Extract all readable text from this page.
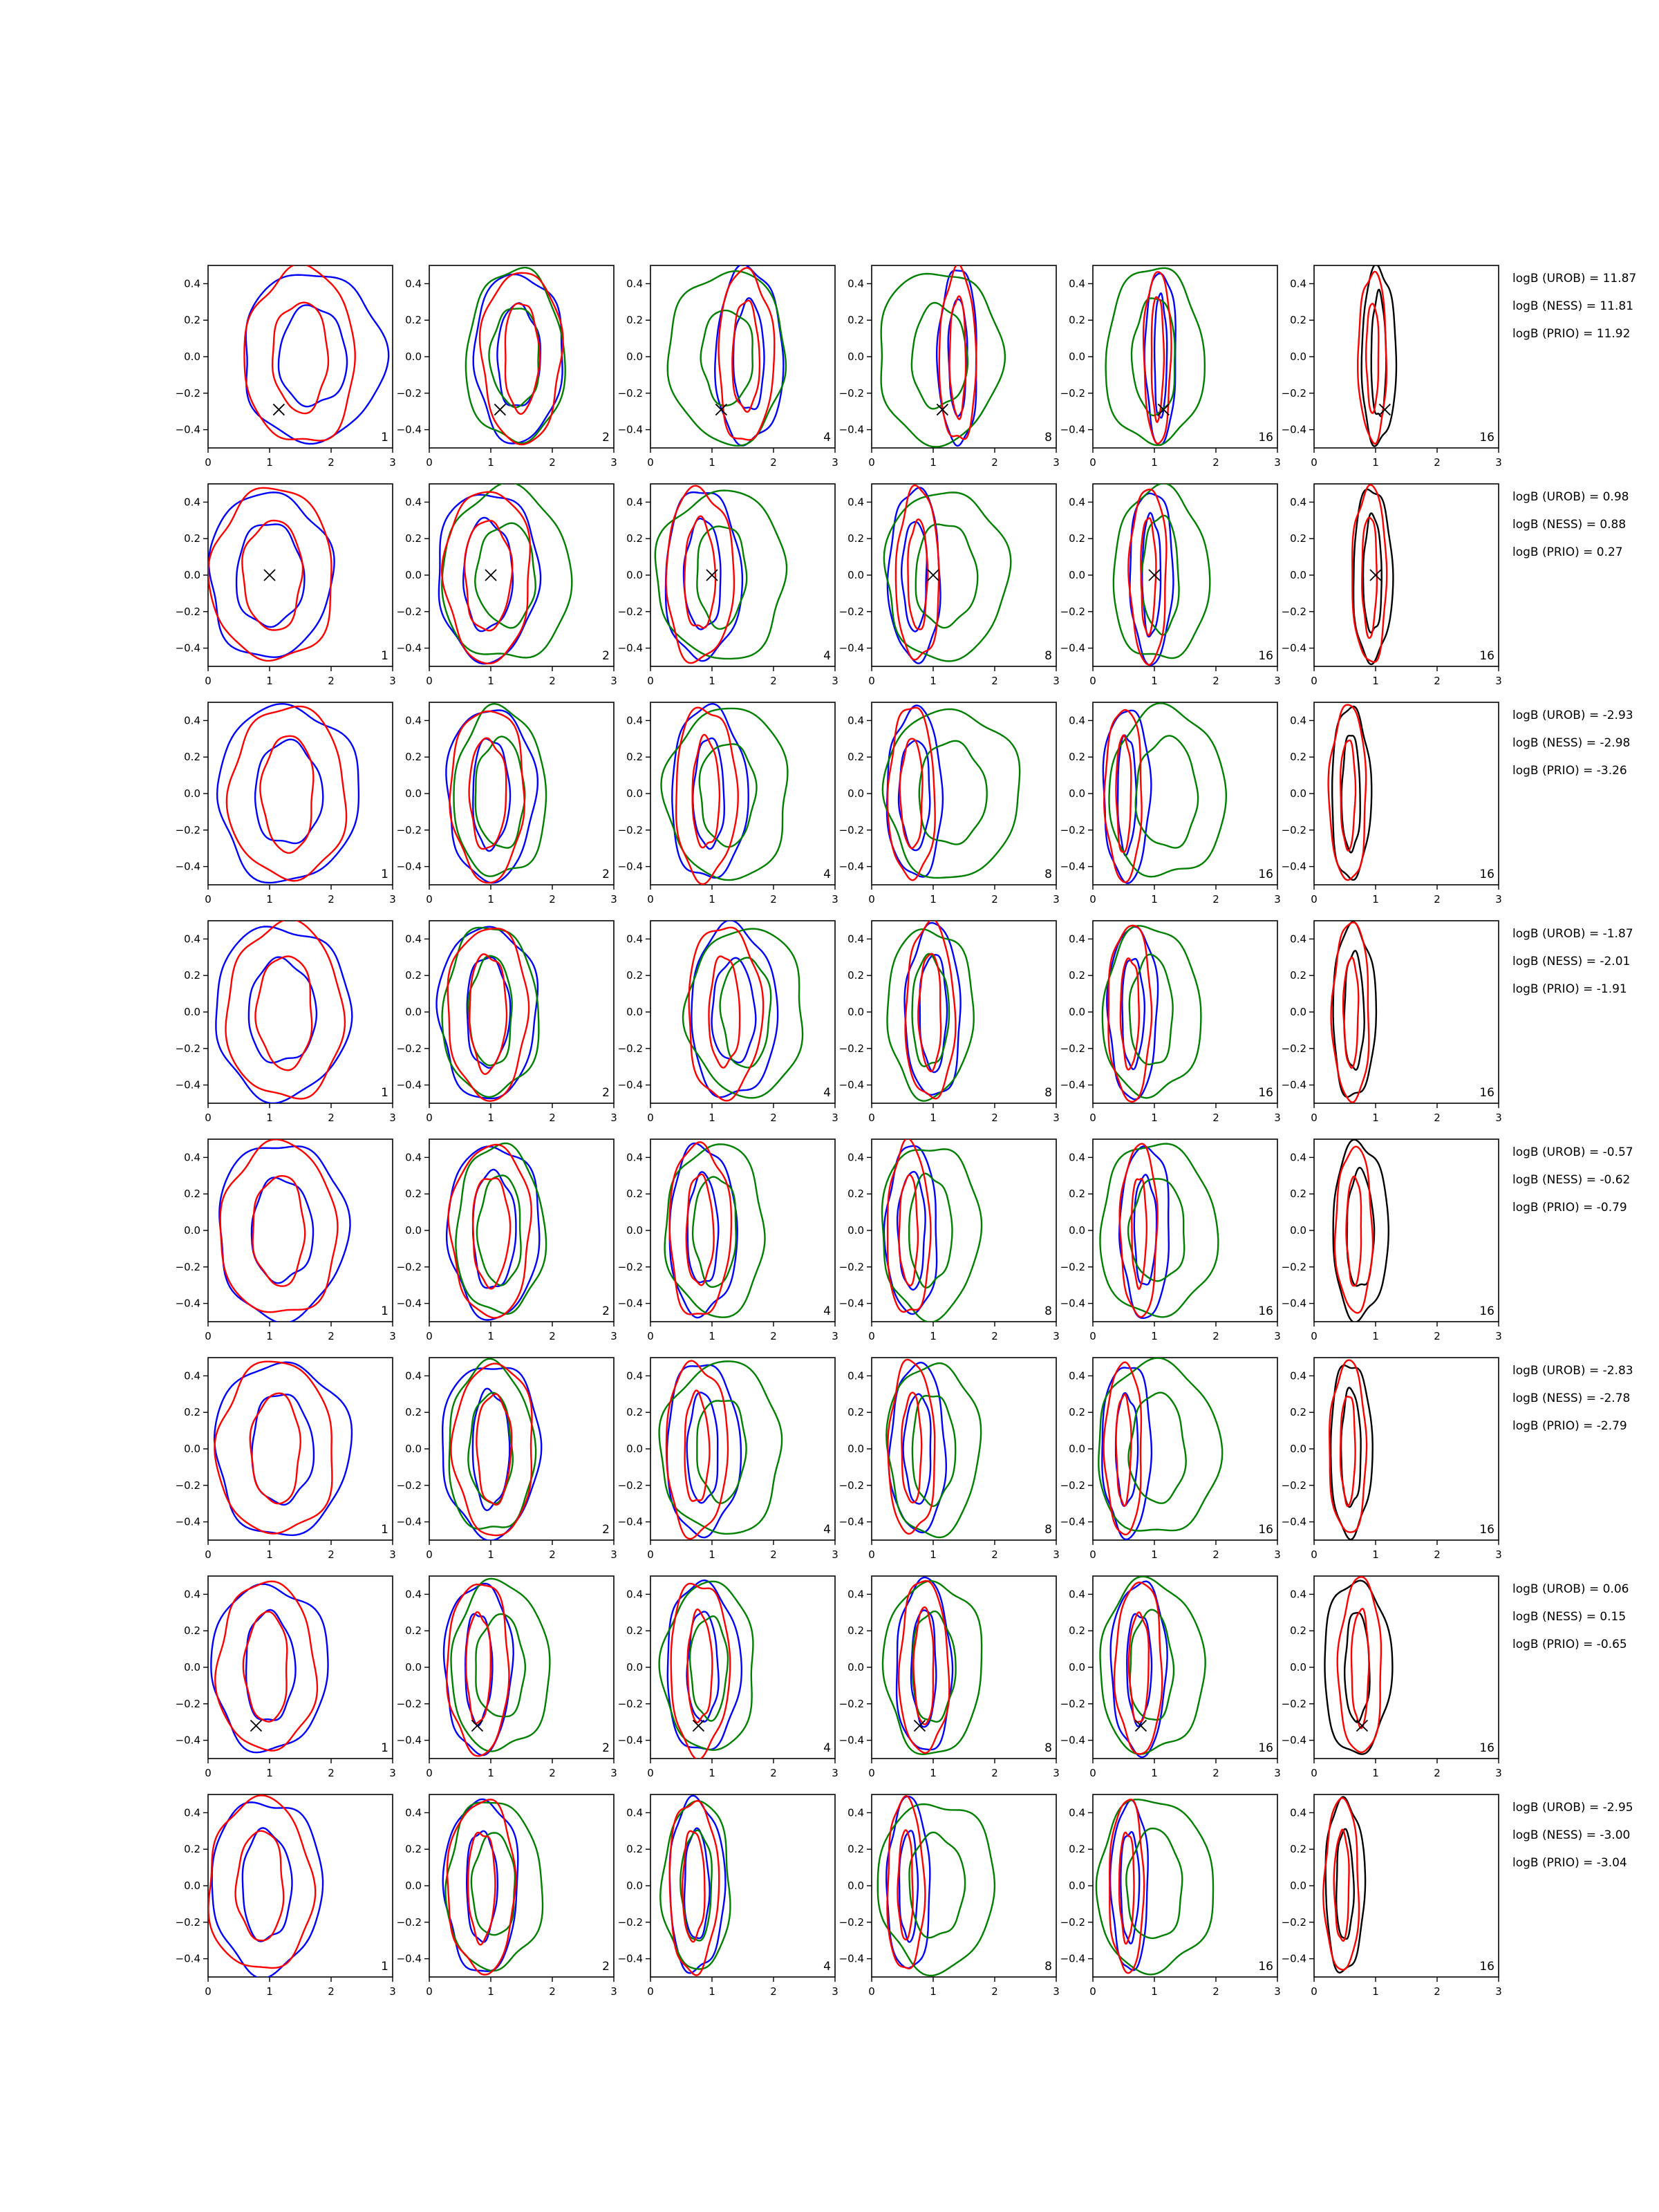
0	1	2	3
−0.4
−0.2
0.0
0.2
0.4
1
0	1	2	3
−0.4
−0.2
0.0
0.2
0.4
2
0	1	2	3
−0.4
−0.2
0.0
0.2
0.4
4
0	1	2	3
−0.4
−0.2
0.0
0.2
0.4
8
0	1	2	3
−0.4
−0.2
0.0
0.2
0.4
16
0	1	2	3
−0.4
−0.2
0.0
0.2
0.4
16
0	1	2	3
−0.4
−0.2
0.0
0.2
0.4
1
0	1	2	3
−0.4
−0.2
0.0
0.2
0.4
2
0	1	2	3
−0.4
−0.2
0.0
0.2
0.4
4
0	1	2	3
−0.4
−0.2
0.0
0.2
0.4
8
0	1	2	3
−0.4
−0.2
0.0
0.2
0.4
16
0	1	2	3
−0.4
−0.2
0.0
0.2
0.4
16
0	1	2	3
−0.4
−0.2
0.0
0.2
0.4
1
0	1	2	3
−0.4
−0.2
0.0
0.2
0.4
2
0	1	2	3
−0.4
−0.2
0.0
0.2
0.4
4
0	1	2	3
−0.4
−0.2
0.0
0.2
0.4
8
0	1	2	3
−0.4
−0.2
0.0
0.2
0.4
16
0	1	2	3
−0.4
−0.2
0.0
0.2
0.4
16
0	1	2	3
−0.4
−0.2
0.0
0.2
0.4
1
0	1	2	3
−0.4
−0.2
0.0
0.2
0.4
2
0	1	2	3
−0.4
−0.2
0.0
0.2
0.4
4
0	1	2	3
−0.4
−0.2
0.0
0.2
0.4
8
0	1	2	3
−0.4
−0.2
0.0
0.2
0.4
16
0	1	2	3
−0.4
−0.2
0.0
0.2
0.4
16
0	1	2	3
−0.4
−0.2
0.0
0.2
0.4
1
0	1	2	3
−0.4
−0.2
0.0
0.2
0.4
2
0	1	2	3
−0.4
−0.2
0.0
0.2
0.4
4
0	1	2	3
−0.4
−0.2
0.0
0.2
0.4
8
0	1	2	3
−0.4
−0.2
0.0
0.2
0.4
16
0	1	2	3
−0.4
−0.2
0.0
0.2
0.4
16
0	1	2	3
−0.4
−0.2
0.0
0.2
0.4
1
0	1	2	3
−0.4
−0.2
0.0
0.2
0.4
2
0	1	2	3
−0.4
−0.2
0.0
0.2
0.4
4
0	1	2	3
−0.4
−0.2
0.0
0.2
0.4
8
0	1	2	3
−0.4
−0.2
0.0
0.2
0.4
16
0	1	2	3
−0.4
−0.2
0.0
0.2
0.4
16
0	1	2	3
−0.4
−0.2
0.0
0.2
0.4
1
0	1	2	3
−0.4
−0.2
0.0
0.2
0.4
2
0	1	2	3
−0.4
−0.2
0.0
0.2
0.4
4
0	1	2	3
−0.4
−0.2
0.0
0.2
0.4
8
0	1	2	3
−0.4
−0.2
0.0
0.2
0.4
16
0	1	2	3
−0.4
−0.2
0.0
0.2
0.4
16
0	1	2	3
−0.4
−0.2
0.0
0.2
0.4
1
0	1	2	3
−0.4
−0.2
0.0
0.2
0.4
2
0	1	2	3
−0.4
−0.2
0.0
0.2
0.4
4
0	1	2	3
−0.4
−0.2
0.0
0.2
0.4
8
0	1	2	3
−0.4
−0.2
0.0
0.2
0.4
16
0	1	2	3
−0.4
−0.2
0.0
0.2
0.4
16
logB (UROB) = 11.87
logB (NESS) = 11.81
logB (PRIO) = 11.92
logB (UROB) = 0.98
logB (NESS) = 0.88
logB (PRIO) = 0.27
logB (UROB) = -2.93
logB (NESS) = -2.98
logB (PRIO) = -3.26
logB (UROB) = -1.87
logB (NESS) = -2.01
logB (PRIO) = -1.91
logB (UROB) = -0.57
logB (NESS) = -0.62
logB (PRIO) = -0.79
logB (UROB) = -2.83
logB (NESS) = -2.78
logB (PRIO) = -2.79
logB (UROB) = 0.06
logB (NESS) = 0.15
logB (PRIO) = -0.65
logB (UROB) = -2.95
logB (NESS) = -3.00
logB (PRIO) = -3.04
